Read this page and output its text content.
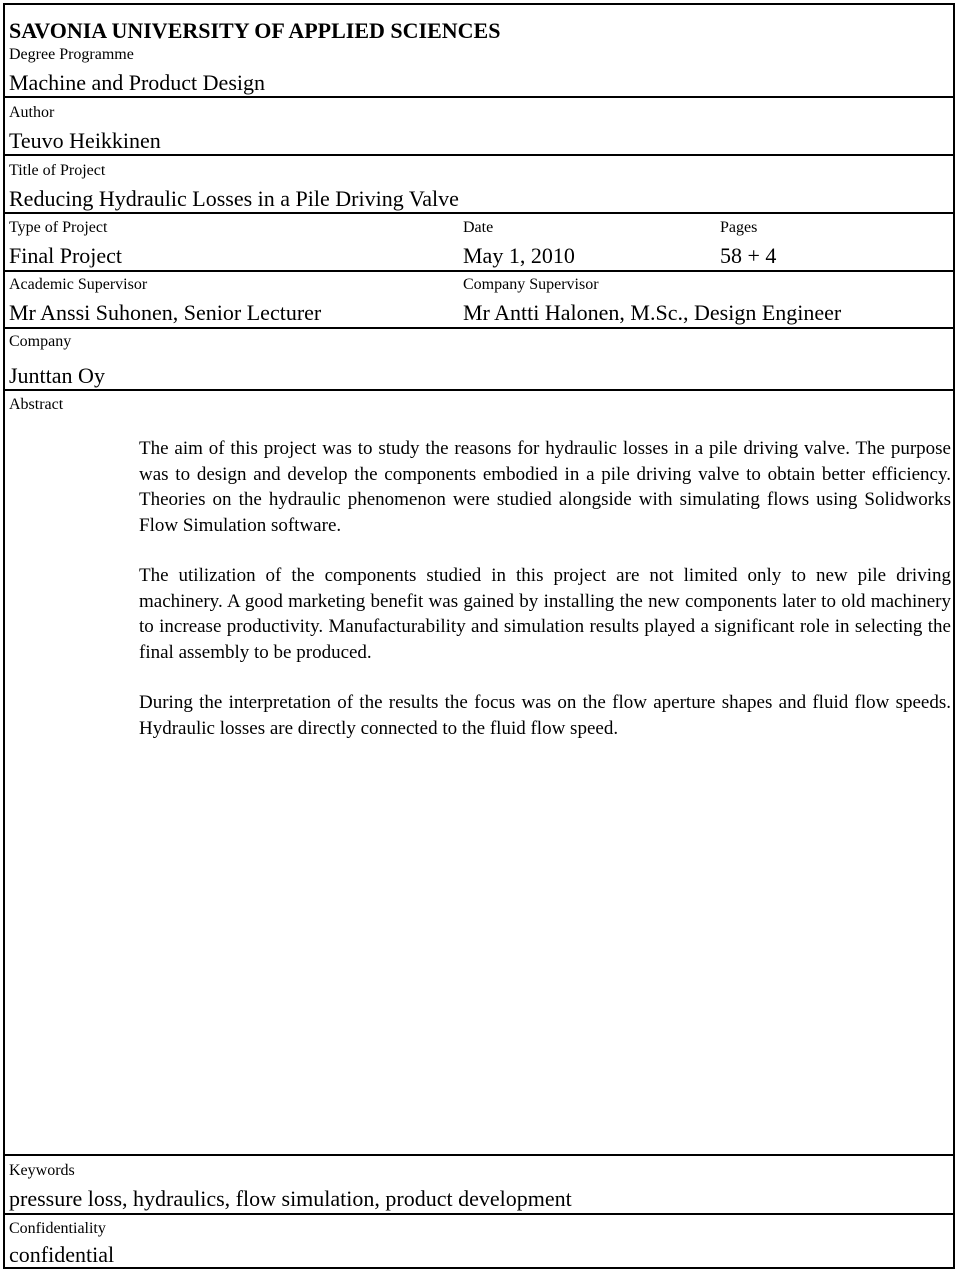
SAVONIA UNIVERSITY OF APPLIED SCIENCES
Degree Programme
Machine and Product Design
Author
Teuvo Heikkinen
Title of Project
Reducing Hydraulic Losses in a Pile Driving Valve
Type of Project	Date	Pages
Final Project	May 1, 2010	58 + 4
Academic Supervisor	Company Supervisor
Mr Anssi Suhonen, Senior Lecturer	Mr Antti Halonen, M.Sc., Design Engineer
Company
Junttan Oy
Abstract

The aim of this project was to study the reasons for hydraulic losses in a pile driving valve. The purpose was to design and develop the components embodied in a pile driving valve to obtain better efficiency. Theories on the hydraulic phenomenon were studied alongside with simulating flows using Solidworks Flow Simulation software.

The utilization of the components studied in this project are not limited only to new pile driving machinery. A good marketing benefit was gained by installing the new components later to old machinery to increase productivity. Manufacturability and simulation results played a significant role in selecting the final assembly to be produced.

During the interpretation of the results the focus was on the flow aperture shapes and fluid flow speeds. Hydraulic losses are directly connected to the fluid flow speed.

Keywords
pressure loss, hydraulics, flow simulation, product development
Confidentiality
confidential
